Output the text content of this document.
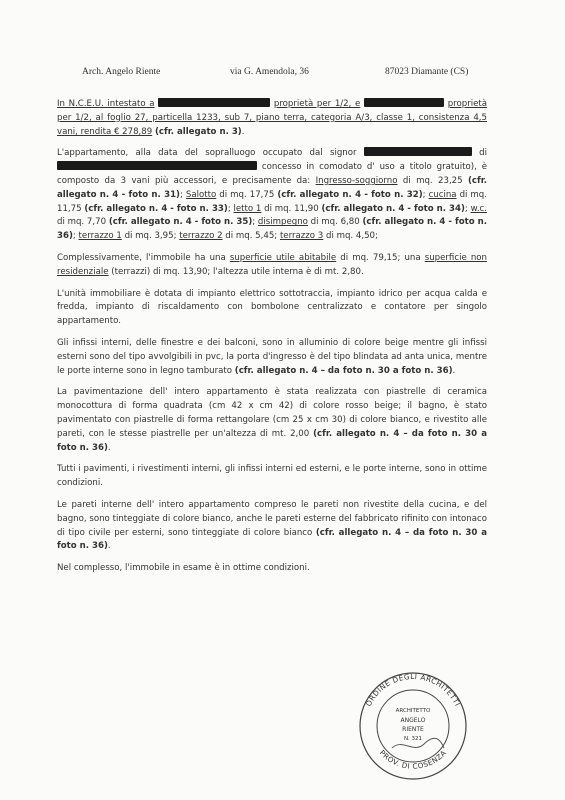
Arch. Angelo Riente	via G. Amendola, 36	87023 Diamante (CS)

In N.C.E.U. intestato a	proprietà per 1/2, e	proprietà per 1/2, al foglio 27, particella 1233, sub 7, piano terra, categoria A/3, classe 1, consistenza 4,5 vani, rendita € 278,89 (cfr. allegato n. 3).

L'appartamento, alla data del sopralluogo occupato dal signor	di  concesso in comodato d' uso a titolo gratuito), è composto da 3 vani più accessori, e precisamente da: Ingresso-soggiorno di mq. 23,25 (cfr. allegato n. 4 - foto n. 31); Salotto di mq. 17,75 (cfr. allegato n. 4 - foto n. 32); cucina di mq. 11,75 (cfr. allegato n. 4 - foto n. 33); letto 1 di mq. 11,90 (cfr. allegato n. 4 - foto n. 34); w.c. di mq. 7,70 (cfr. allegato n. 4 - foto n. 35); disimpegno di mq. 6,80 (cfr. allegato n. 4 - foto n. 36); terrazzo 1 di mq. 3,95; terrazzo 2 di mq. 5,45; terrazzo 3 di mq. 4,50;

Complessivamente, l'immobile ha una superficie utile abitabile di mq. 79,15; una superficie non residenziale (terrazzi) di mq. 13,90; l'altezza utile interna è di mt. 2,80.

L'unità immobiliare è dotata di impianto elettrico sottotraccia, impianto idrico per acqua calda e fredda, impianto di riscaldamento con bombolone centralizzato e contatore per singolo appartamento.

Gli infissi interni, delle finestre e dei balconi, sono in alluminio di colore beige mentre gli infissi esterni sono del tipo avvolgibili in pvc, la porta d'ingresso è del tipo blindata ad anta unica, mentre le porte interne sono in legno tamburato (cfr. allegato n. 4 – da foto n. 30 a foto n. 36).

La pavimentazione dell' intero appartamento è stata realizzata con piastrelle di ceramica monocottura di forma quadrata (cm 42 x cm 42) di colore rosso beige; il bagno, è stato pavimentato con piastrelle di forma rettangolare (cm 25 x cm 30) di colore bianco, e rivestito alle pareti, con le stesse piastrelle per un'altezza di mt. 2,00 (cfr. allegato n. 4 – da foto n. 30 a foto n. 36).

Tutti i pavimenti, i rivestimenti interni, gli infissi interni ed esterni, e le porte interne, sono in ottime condizioni.

Le pareti interne dell' intero appartamento compreso le pareti non rivestite della cucina, e del bagno, sono tinteggiate di colore bianco, anche le pareti esterne del fabbricato rifinito con intonaco di tipo civile per esterni, sono tinteggiate di colore bianco (cfr. allegato n. 4 – da foto n. 30 a foto n. 36).

Nel complesso, l'immobile in esame è in ottime condizioni.

ORDINE DEGLI ARCHITETTI
PROV. DI COSENZA
ARCHITETTO
ANGELO
RIENTE
N. 321
